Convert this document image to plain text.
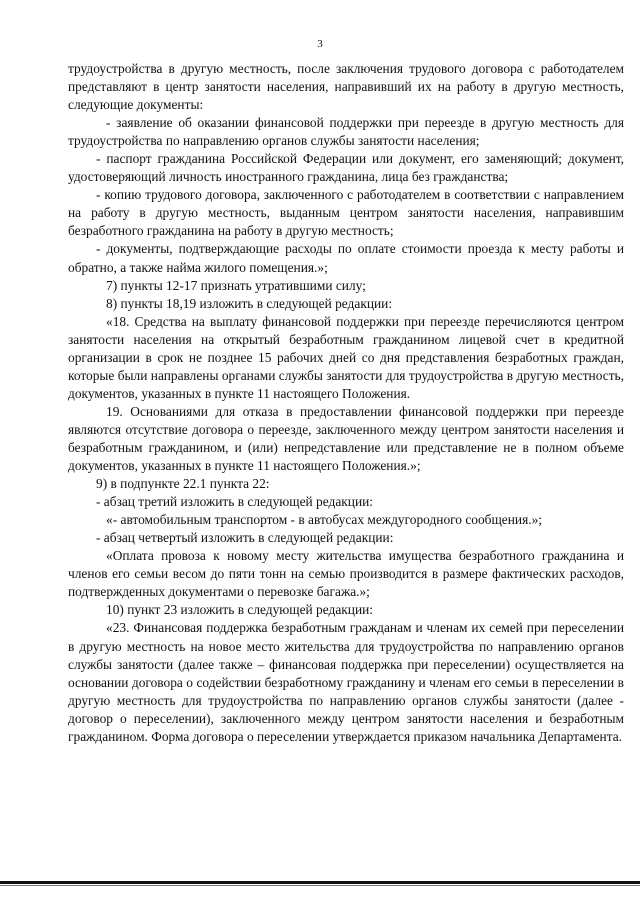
3

трудоустройства в другую местность, после заключения трудового договора с работодателем представляют в центр занятости населения, направивший их на работу в другую местность, следующие документы:

- заявление об оказании финансовой поддержки при переезде в другую местность для трудоустройства по направлению органов службы занятости населения;

- паспорт гражданина Российской Федерации или документ, его заменяющий; документ, удостоверяющий личность иностранного гражданина, лица без гражданства;

- копию трудового договора, заключенного с работодателем в соответствии с направлением на работу в другую местность, выданным центром занятости населения, направившим безработного гражданина на работу в другую местность;

- документы, подтверждающие расходы по оплате стоимости проезда к месту работы и обратно, а также найма жилого помещения.»;

7) пункты 12-17 признать утратившими силу;

8) пункты 18,19 изложить в следующей редакции:

«18. Средства на выплату финансовой поддержки при переезде перечисляются центром занятости населения на открытый безработным гражданином лицевой счет в кредитной организации в срок не позднее 15 рабочих дней со дня представления безработных граждан, которые были направлены органами службы занятости для трудоустройства в другую местность, документов, указанных в пункте 11 настоящего Положения.

19. Основаниями для отказа в предоставлении финансовой поддержки при переезде являются отсутствие договора о переезде, заключенного между центром занятости населения и безработным гражданином, и (или) непредставление или представление не в полном объеме документов, указанных в пункте 11 настоящего Положения.»;

9) в подпункте 22.1 пункта 22:

- абзац третий изложить в следующей редакции:

«- автомобильным транспортом - в автобусах междугородного сообщения.»;

- абзац четвертый изложить в следующей редакции:

«Оплата провоза к новому месту жительства имущества безработного гражданина и членов его семьи весом до пяти тонн на семью производится в размере фактических расходов, подтвержденных документами о перевозке багажа.»;

10) пункт 23 изложить в следующей редакции:

«23. Финансовая поддержка безработным гражданам и членам их семей при переселении в другую местность на новое место жительства для трудоустройства по направлению органов службы занятости (далее также – финансовая поддержка при переселении) осуществляется на основании договора о содействии безработному гражданину и членам его семьи в переселении в другую местность для трудоустройства по направлению органов службы занятости (далее - договор о переселении), заключенного между центром занятости населения и безработным гражданином. Форма договора о переселении утверждается приказом начальника Департамента.
